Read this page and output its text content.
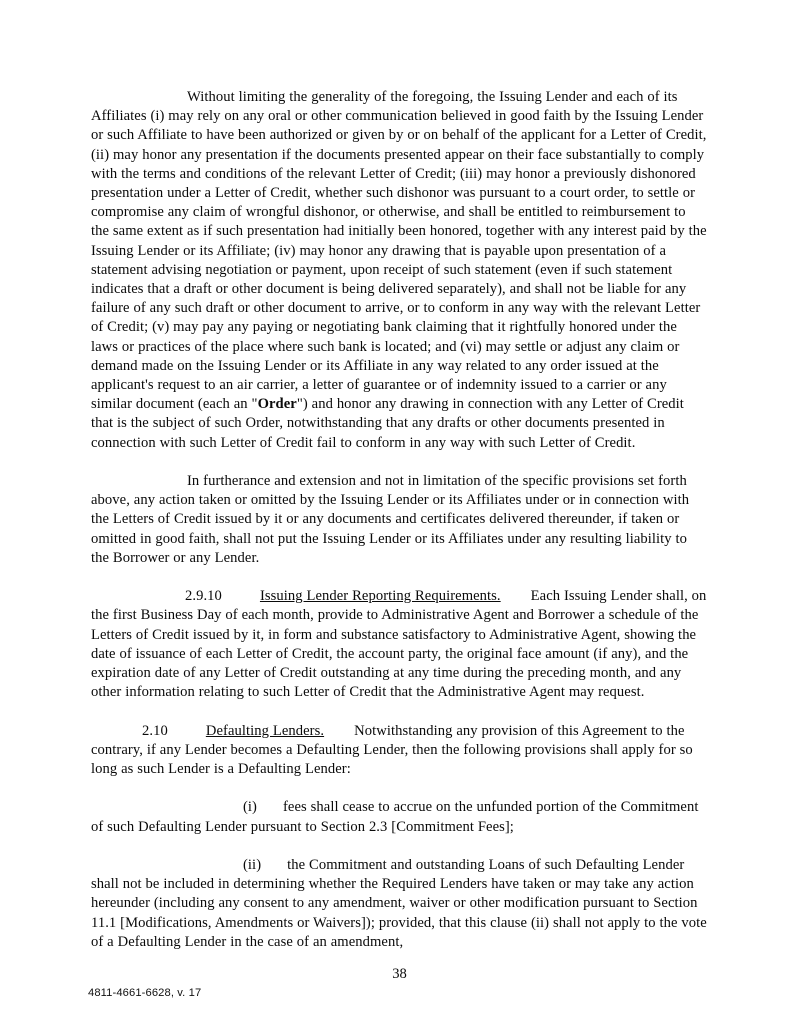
Without limiting the generality of the foregoing, the Issuing Lender and each of its Affiliates (i) may rely on any oral or other communication believed in good faith by the Issuing Lender or such Affiliate to have been authorized or given by or on behalf of the applicant for a Letter of Credit, (ii) may honor any presentation if the documents presented appear on their face substantially to comply with the terms and conditions of the relevant Letter of Credit; (iii) may honor a previously dishonored presentation under a Letter of Credit, whether such dishonor was pursuant to a court order, to settle or compromise any claim of wrongful dishonor, or otherwise, and shall be entitled to reimbursement to the same extent as if such presentation had initially been honored, together with any interest paid by the Issuing Lender or its Affiliate; (iv) may honor any drawing that is payable upon presentation of a statement advising negotiation or payment, upon receipt of such statement (even if such statement indicates that a draft or other document is being delivered separately), and shall not be liable for any failure of any such draft or other document to arrive, or to conform in any way with the relevant Letter of Credit; (v) may pay any paying or negotiating bank claiming that it rightfully honored under the laws or practices of the place where such bank is located; and (vi) may settle or adjust any claim or demand made on the Issuing Lender or its Affiliate in any way related to any order issued at the applicant's request to an air carrier, a letter of guarantee or of indemnity issued to a carrier or any similar document (each an "Order") and honor any drawing in connection with any Letter of Credit that is the subject of such Order, notwithstanding that any drafts or other documents presented in connection with such Letter of Credit fail to conform in any way with such Letter of Credit.

In furtherance and extension and not in limitation of the specific provisions set forth above, any action taken or omitted by the Issuing Lender or its Affiliates under or in connection with the Letters of Credit issued by it or any documents and certificates delivered thereunder, if taken or omitted in good faith, shall not put the Issuing Lender or its Affiliates under any resulting liability to the Borrower or any Lender.

2.9.10	Issuing Lender Reporting Requirements. Each Issuing Lender shall, on the first Business Day of each month, provide to Administrative Agent and Borrower a schedule of the Letters of Credit issued by it, in form and substance satisfactory to Administrative Agent, showing the date of issuance of each Letter of Credit, the account party, the original face amount (if any), and the expiration date of any Letter of Credit outstanding at any time during the preceding month, and any other information relating to such Letter of Credit that the Administrative Agent may request.

2.10	Defaulting Lenders. Notwithstanding any provision of this Agreement to the contrary, if any Lender becomes a Defaulting Lender, then the following provisions shall apply for so long as such Lender is a Defaulting Lender:

(i) fees shall cease to accrue on the unfunded portion of the Commitment of such Defaulting Lender pursuant to Section 2.3 [Commitment Fees];

(ii) the Commitment and outstanding Loans of such Defaulting Lender shall not be included in determining whether the Required Lenders have taken or may take any action hereunder (including any consent to any amendment, waiver or other modification pursuant to Section 11.1 [Modifications, Amendments or Waivers]); provided, that this clause (ii) shall not apply to the vote of a Defaulting Lender in the case of an amendment,

38
4811-4661-6628, v. 17
